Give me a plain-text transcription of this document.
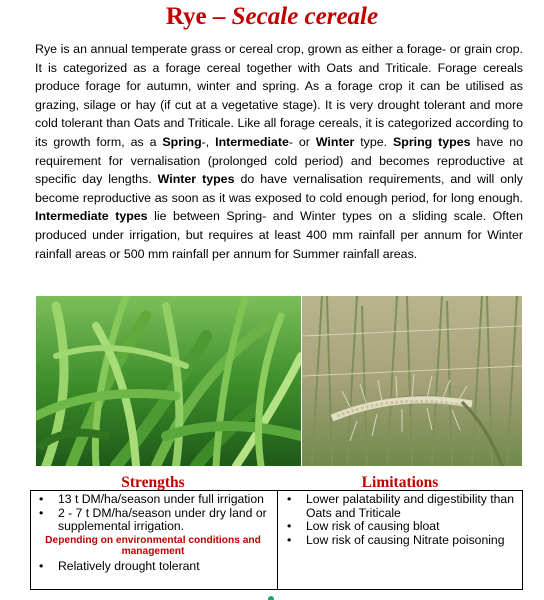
Rye – Secale cereale
Rye is an annual temperate grass or cereal crop, grown as either a forage- or grain crop. It is categorized as a forage cereal together with Oats and Triticale. Forage cereals produce forage for autumn, winter and spring. As a forage crop it can be utilised as grazing, silage or hay (if cut at a vegetative stage). It is very drought tolerant and more cold tolerant than Oats and Triticale. Like all forage cereals, it is categorized according to its growth form, as a Spring-, Intermediate- or Winter type. Spring types have no requirement for vernalisation (prolonged cold period) and becomes reproductive at specific day lengths. Winter types do have vernalisation requirements, and will only become reproductive as soon as it was exposed to cold enough period, for long enough. Intermediate types lie between Spring- and Winter types on a sliding scale. Often produced under irrigation, but requires at least 400 mm rainfall per annum for Winter rainfall areas or 500 mm rainfall per annum for Summer rainfall areas.
Strengths	Limitations
• 13 t DM/ha/season under full irrigation
• 2 - 7 t DM/ha/season under dry land or supplemental irrigation.
Depending on environmental conditions and management
• Relatively drought tolerant
• Lower palatability and digestibility than Oats and Triticale
• Low risk of causing bloat
• Low risk of causing Nitrate poisoning
